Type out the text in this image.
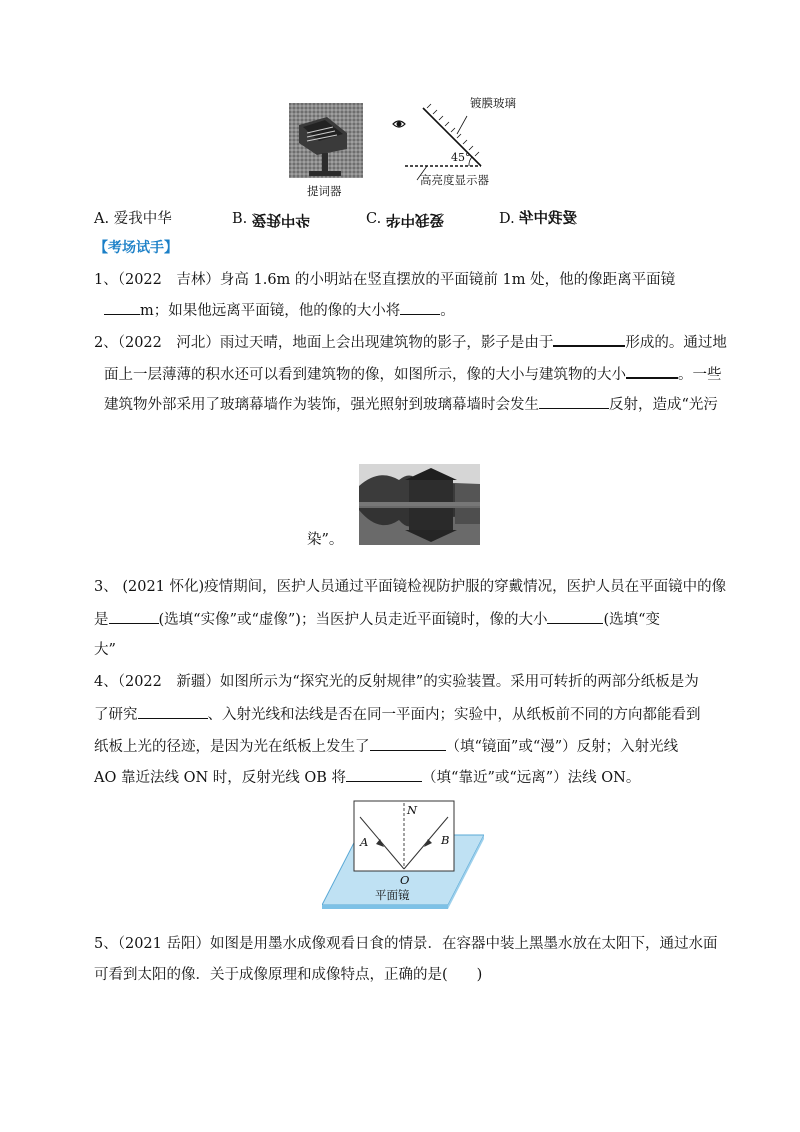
提词器
镀膜玻璃
45°
高亮度显示器
A. 爱我中华	B. 爱我中华	C. 爱我中华	D. 爱我中华
【考场试手】
1、（2022　吉林）身高 1.6m 的小明站在竖直摆放的平面镜前 1m 处，他的像距离平面镜
m；如果他远离平面镜，他的像的大小将	。
2、（2022　河北）雨过天晴，地面上会出现建筑物的影子，影子是由于	形成的。通过地
面上一层薄薄的积水还可以看到建筑物的像，如图所示，像的大小与建筑物的大小	。一些
建筑物外部采用了玻璃幕墙作为装饰，强光照射到玻璃幕墙时会发生	反射，造成“光污
染”。
3、 (2021 怀化)疫情期间，医护人员通过平面镜检视防护服的穿戴情况，医护人员在平面镜中的像
是	(选填“实像”或“虚像”)；当医护人员走近平面镜时，像的大小	(选填“变
大”
4、（2022　新疆）如图所示为“探究光的反射规律”的实验装置。采用可转折的两部分纸板是为
了研究	、入射光线和法线是否在同一平面内；实验中，从纸板前不同的方向都能看到
纸板上光的径迹，是因为光在纸板上发生了	（填“镜面”或“漫”）反射；入射光线
AO 靠近法线 ON 时，反射光线 OB 将	（填“靠近”或“远离”）法线 ON。
N
A	B
O
平面镜
5、（2021 岳阳）如图是用墨水成像观看日食的情景．在容器中装上黑墨水放在太阳下，通过水面
可看到太阳的像．关于成像原理和成像特点，正确的是(　　)
